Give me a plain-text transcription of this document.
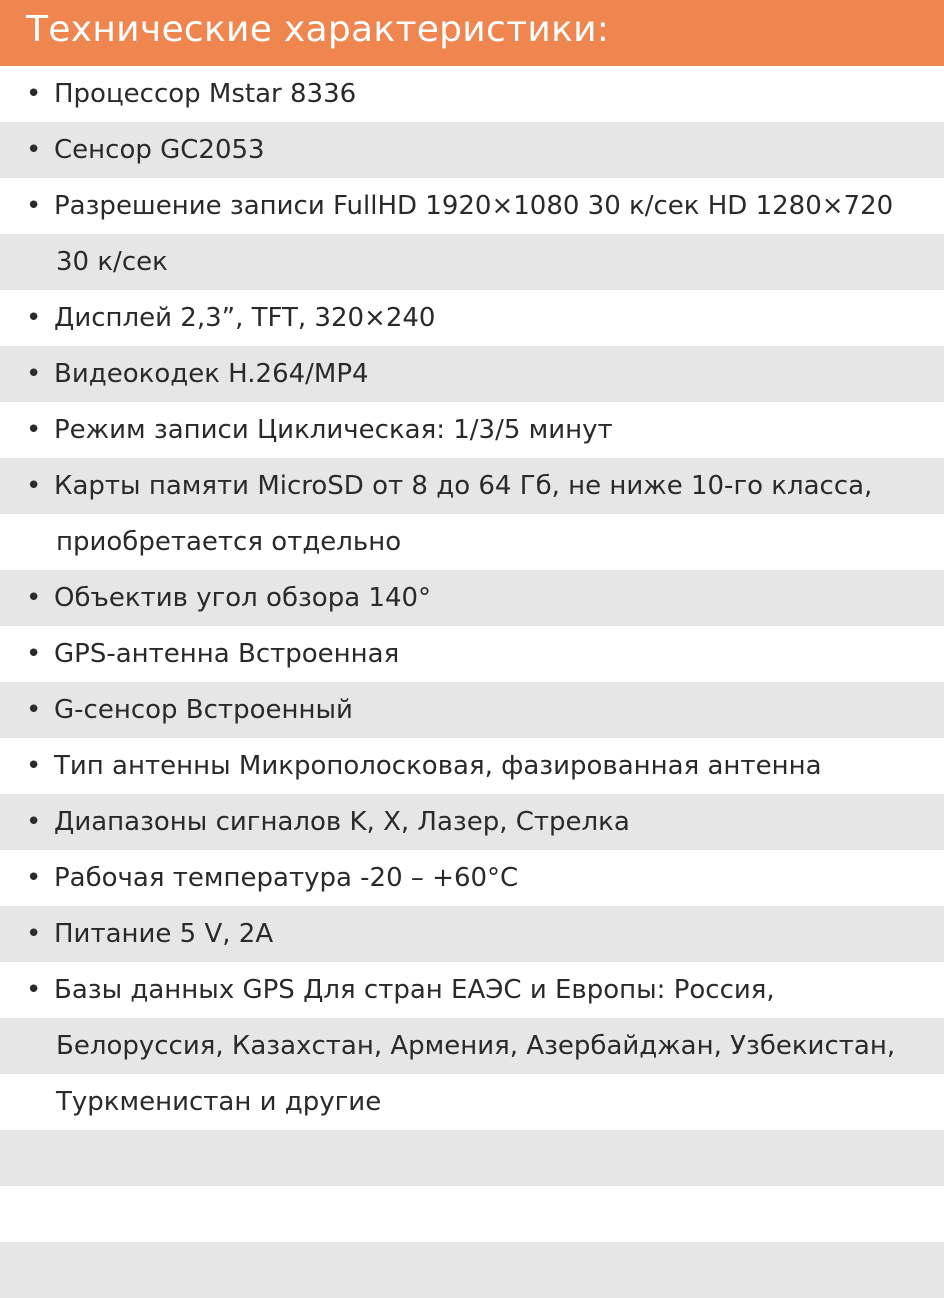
Технические характеристики:
• Процессор Mstar 8336
• Сенсор GC2053
• Разрешение записи FullHD 1920×1080 30 к/сек HD 1280×720
30 к/сек
• Дисплей 2,3”, TFT, 320×240
• Видеокодек H.264/MP4
• Режим записи Циклическая: 1/3/5 минут
• Карты памяти MicroSD от 8 до 64 Гб, не ниже 10-го класса,
приобретается отдельно
• Объектив угол обзора 140°
• GPS-антенна Встроенная
• G-сенсор Встроенный
• Тип антенны Микрополосковая, фазированная антенна
• Диапазоны сигналов K, X, Лазер, Стрелка
• Рабочая температура -20 – +60°C
• Питание 5 V, 2A
• Базы данных GPS Для стран ЕАЭС и Европы: Россия,
Белоруссия, Казахстан, Армения, Азербайджан, Узбекистан,
Туркменистан и другие
